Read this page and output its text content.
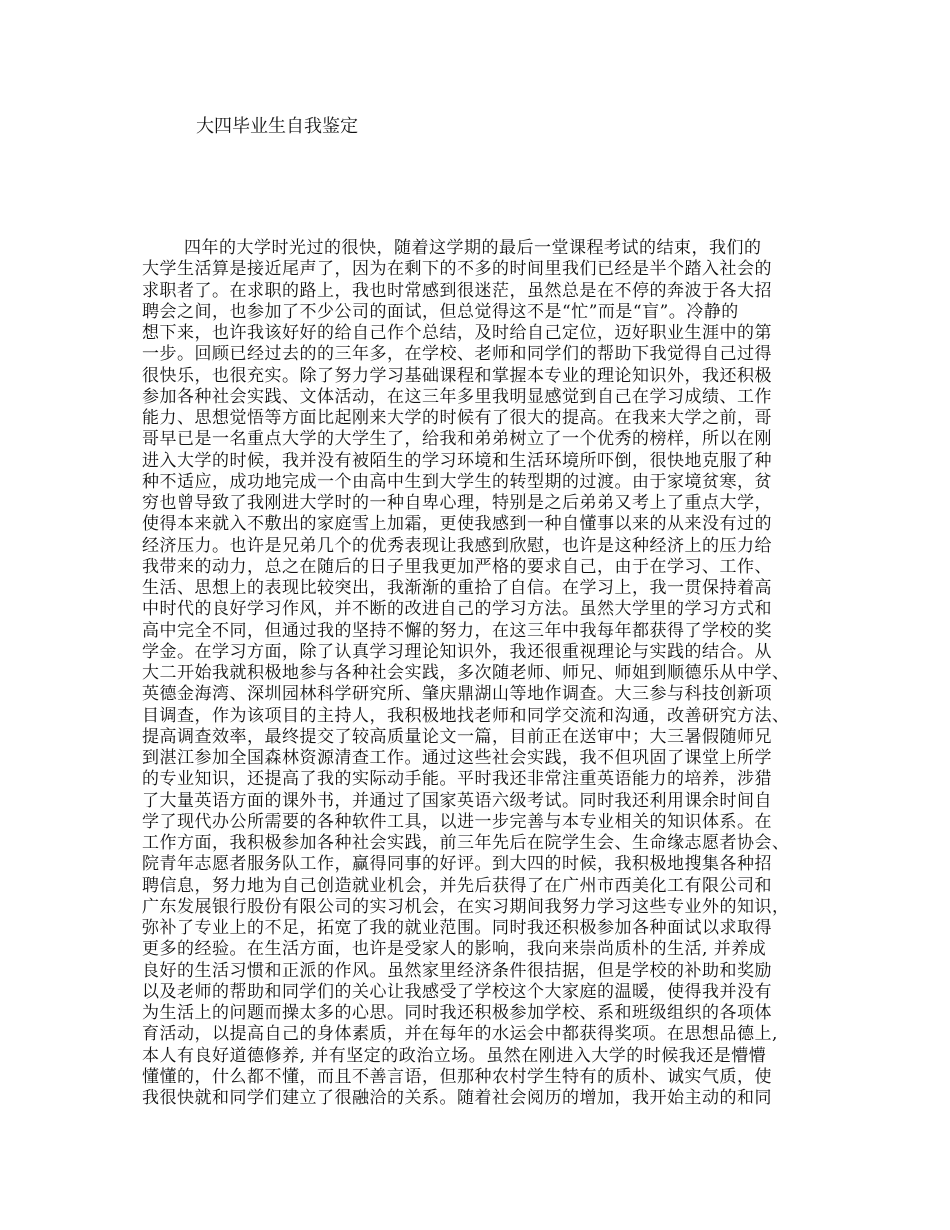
大四毕业生自我鉴定
四年的大学时光过的很快，随着这学期的最后一堂课程考试的结束，我们的
大学生活算是接近尾声了，因为在剩下的不多的时间里我们已经是半个踏入社会的
求职者了。在求职的路上，我也时常感到很迷茫，虽然总是在不停的奔波于各大招
聘会之间，也参加了不少公司的面试，但总觉得这不是“忙”而是“盲”。冷静的
想下来，也许我该好好的给自己作个总结，及时给自己定位，迈好职业生涯中的第
一步。回顾已经过去的的三年多，在学校、老师和同学们的帮助下我觉得自己过得
很快乐，也很充实。除了努力学习基础课程和掌握本专业的理论知识外，我还积极
参加各种社会实践、文体活动，在这三年多里我明显感觉到自己在学习成绩、工作
能力、思想觉悟等方面比起刚来大学的时候有了很大的提高。在我来大学之前，哥
哥早已是一名重点大学的大学生了，给我和弟弟树立了一个优秀的榜样，所以在刚
进入大学的时候，我并没有被陌生的学习环境和生活环境所吓倒，很快地克服了种
种不适应，成功地完成一个由高中生到大学生的转型期的过渡。由于家境贫寒，贫
穷也曾导致了我刚进大学时的一种自卑心理，特别是之后弟弟又考上了重点大学，
使得本来就入不敷出的家庭雪上加霜，更使我感到一种自懂事以来的从来没有过的
经济压力。也许是兄弟几个的优秀表现让我感到欣慰，也许是这种经济上的压力给
我带来的动力，总之在随后的日子里我更加严格的要求自己，由于在学习、工作、
生活、思想上的表现比较突出，我渐渐的重拾了自信。在学习上，我一贯保持着高
中时代的良好学习作风，并不断的改进自己的学习方法。虽然大学里的学习方式和
高中完全不同，但通过我的坚持不懈的努力，在这三年中我每年都获得了学校的奖
学金。在学习方面，除了认真学习理论知识外，我还很重视理论与实践的结合。从
大二开始我就积极地参与各种社会实践，多次随老师、师兄、师姐到顺德乐从中学、
英德金海湾、深圳园林科学研究所、肇庆鼎湖山等地作调查。大三参与科技创新项
目调查，作为该项目的主持人，我积极地找老师和同学交流和沟通，改善研究方法、
提高调查效率，最终提交了较高质量论文一篇，目前正在送审中；大三暑假随师兄
到湛江参加全国森林资源清查工作。通过这些社会实践，我不但巩固了课堂上所学
的专业知识，还提高了我的实际动手能。平时我还非常注重英语能力的培养，涉猎
了大量英语方面的课外书，并通过了国家英语六级考试。同时我还利用课余时间自
学了现代办公所需要的各种软件工具，以进一步完善与本专业相关的知识体系。在
工作方面，我积极参加各种社会实践，前三年先后在院学生会、生命缘志愿者协会、
院青年志愿者服务队工作，赢得同事的好评。到大四的时候，我积极地搜集各种招
聘信息，努力地为自己创造就业机会，并先后获得了在广州市西美化工有限公司和
广东发展银行股份有限公司的实习机会，在实习期间我努力学习这些专业外的知识，
弥补了专业上的不足，拓宽了我的就业范围。同时我还积极参加各种面试以求取得
更多的经验。在生活方面，也许是受家人的影响，我向来崇尚质朴的生活, 并养成
良好的生活习惯和正派的作风。虽然家里经济条件很拮据，但是学校的补助和奖励
以及老师的帮助和同学们的关心让我感受了学校这个大家庭的温暖，使得我并没有
为生活上的问题而操太多的心思。同时我还积极参加学校、系和班级组织的各项体
育活动，以提高自己的身体素质，并在每年的水运会中都获得奖项。在思想品德上,
本人有良好道德修养, 并有坚定的政治立场。虽然在刚进入大学的时候我还是懵懵
懂懂的，什么都不懂，而且不善言语，但那种农村学生特有的质朴、诚实气质，使
我很快就和同学们建立了很融洽的关系。随着社会阅历的增加，我开始主动的和同
